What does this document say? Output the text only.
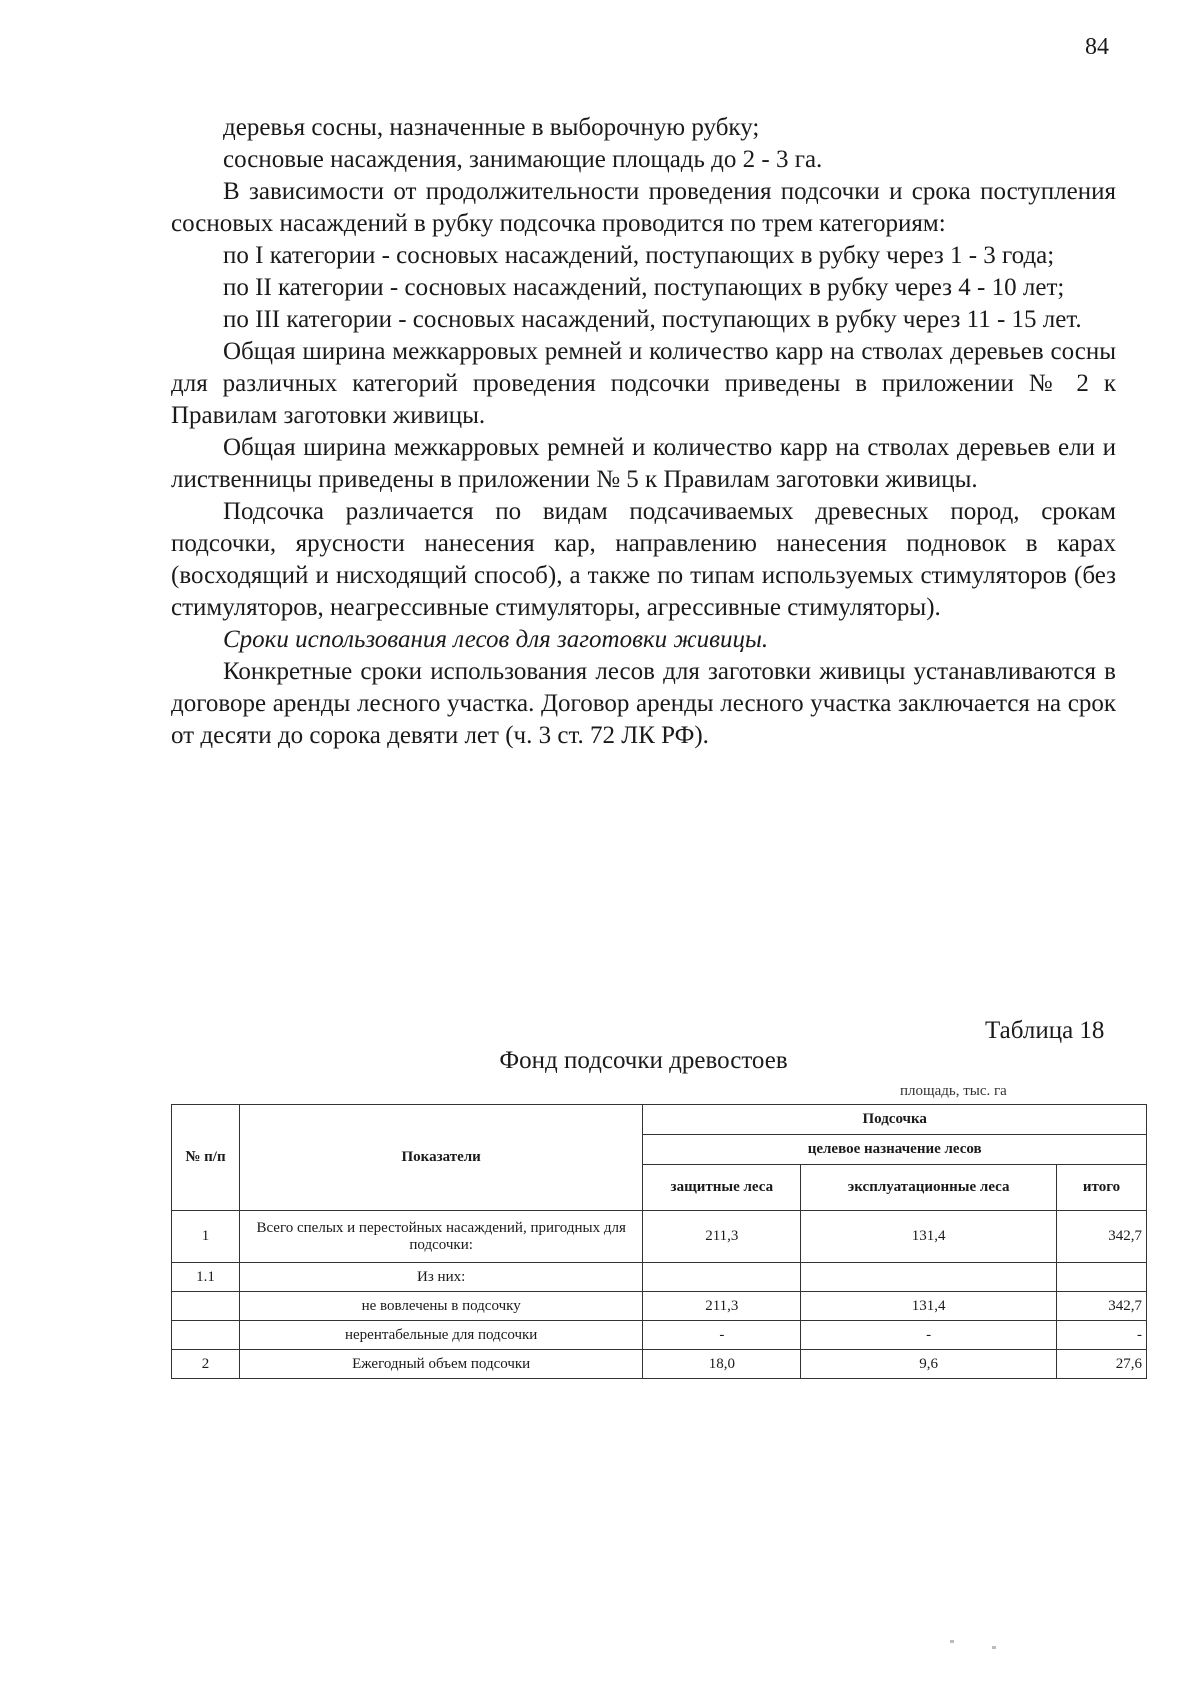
84

деревья сосны, назначенные в выборочную рубку;

сосновые насаждения, занимающие площадь до 2 - 3 га.

В зависимости от продолжительности проведения подсочки и срока поступления сосновых насаждений в рубку подсочка проводится по трем категориям:

по I категории - сосновых насаждений, поступающих в рубку через 1 - 3 года;

по II категории - сосновых насаждений, поступающих в рубку через 4 - 10 лет;

по III категории - сосновых насаждений, поступающих в рубку через 11 - 15 лет.

Общая ширина межкарровых ремней и количество карр на стволах деревьев сосны для различных категорий проведения подсочки приведены в приложении № 2 к Правилам заготовки живицы.

Общая ширина межкарровых ремней и количество карр на стволах деревьев ели и лиственницы приведены в приложении № 5 к Правилам заготовки живицы.

Подсочка различается по видам подсачиваемых древесных пород, срокам подсочки, ярусности нанесения кар, направлению нанесения подновок в карах (восходящий и нисходящий способ), а также по типам используемых стимуляторов (без стимуляторов, неагрессивные стимуляторы, агрессивные стимуляторы).

Сроки использования лесов для заготовки живицы.

Конкретные сроки использования лесов для заготовки живицы устанавливаются в договоре аренды лесного участка. Договор аренды лесного участка заключается на срок от десяти до сорока девяти лет (ч. 3 ст. 72 ЛК РФ).

Таблица 18
Фонд подсочки древостоев
площадь, тыс. га
№ п/п	Показатели	Подсочка		
		целевое назначение лесов		
		защитные леса	эксплуатационные леса	итого
1	Всего спелых и перестойных насаждений, пригодных для подсочки:	211,3	131,4	342,7
1.1	Из них:			
	не вовлечены в подсочку	211,3	131,4	342,7
	нерентабельные для подсочки	-	-	-
2	Ежегодный объем подсочки	18,0	9,6	27,6
